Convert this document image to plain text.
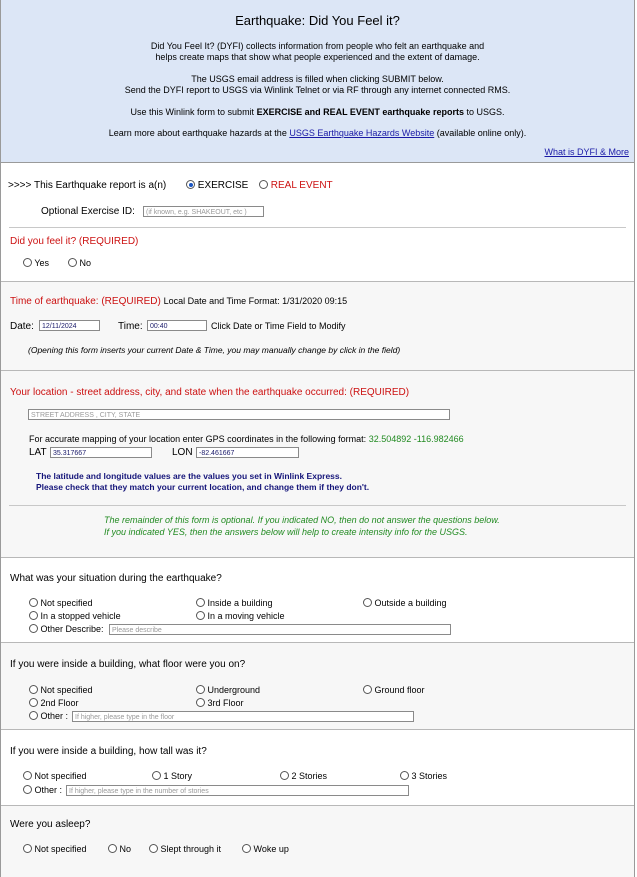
Earthquake: Did You Feel it?
Did You Feel It? (DYFI) collects information from people who felt an earthquake and
helps create maps that show what people experienced and the extent of damage.
The USGS email address is filled when clicking SUBMIT below.
Send the DYFI report to USGS via Winlink Telnet or via RF through any internet connected RMS.
Use this Winlink form to submit EXERCISE and REAL EVENT earthquake reports to USGS.
Learn more about earthquake hazards at the USGS Earthquake Hazards Website (available online only).
What is DYFI & More
>>>> This Earthquake report is a(n)	EXERCISE	REAL EVENT
Optional Exercise ID:	(if known, e.g. SHAKEOUT, etc )
Did you feel it? (REQUIRED)
Yes	No
Time of earthquake: (REQUIRED) Local Date and Time Format: 1/31/2020 09:15
Date:	12/11/2024	Time:	00:40	Click Date or Time Field to Modify
(Opening this form inserts your current Date & Time, you may manually change by click in the field)
Your location - street address, city, and state when the earthquake occurred: (REQUIRED)
STREET ADDRESS , CITY, STATE
For accurate mapping of your location enter GPS coordinates in the following format: 32.504892 -116.982466
LAT 35.317667	LON -82.461667
The latitude and longitude values are the values you set in Winlink Express.
Please check that they match your current location, and change them if they don't.
The remainder of this form is optional. If you indicated NO, then do not answer the questions below.
If you indicated YES, then the answers below will help to create intensity info for the USGS.
What was your situation during the earthquake?
Not specified	Inside a building	Outside a building
In a stopped vehicle	In a moving vehicle
Other Describe:	Please describe
If you were inside a building, what floor were you on?
Not specified	Underground	Ground floor
2nd Floor	3rd Floor
Other : If higher, please type in the floor
If you were inside a building, how tall was it?
Not specified	1 Story	2 Stories	3 Stories
Other : If higher, please type in the number of stories
Were you asleep?
Not specified	No	Slept through it	Woke up
